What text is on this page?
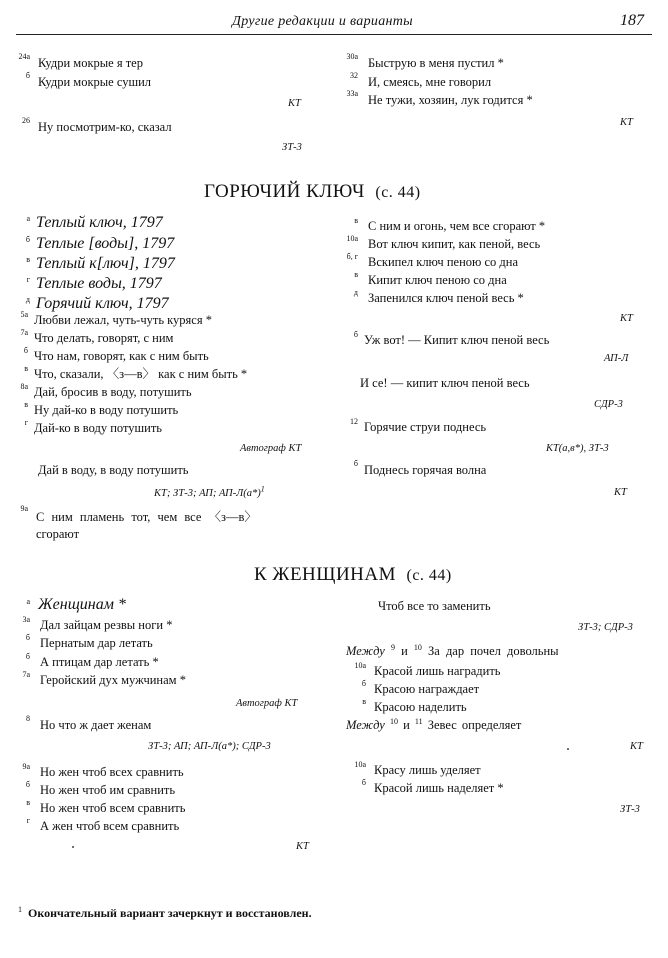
Другие редакции и варианты	187
24а Кудри мокрые я тер
б Кудри мокрые сушил
КТ
26 Ну посмотрим-ко, сказал
ЗТ-3
30а Быструю в меня пустил *
32 И, смеясь, мне говорил
33а Не тужи, хозяин, лук годится *
КТ
ГОРЮЧИЙ КЛЮЧ (с. 44)
а Теплый ключ, 1797
б Теплые [воды], 1797
в Теплый к[люч], 1797
г Теплые воды, 1797
д Горячий ключ, 1797
5а Любви лежал, чуть-чуть куряся *
7а Что делать, говорят, с ним
б Что нам, говорят, как с ним быть
в Что, сказали, 〈з—в〉 как с ним быть *
8а Дай, бросив в воду, потушить
в Ну дай-ко в воду потушить
г Дай-ко в воду потушить
Автограф КТ
Дай в воду, в воду потушить
КТ; ЗТ-3; АП; $АП-Л(а*)^1$
9а
С ним пламень тот, чем все 〈з—в〉
сгорают
в С ним и огонь, чем все сгорают *
10а Вот ключ кипит, как пеной, весь
б, г Вскипел ключ пеною со дна
в Кипит ключ пеною со дна
д Запенился ключ пеной весь *
КТ
б Уж вот! — Кипит ключ пеной весь
АП-Л
И се! — кипит ключ пеной весь
СДР-3
12 Горячие струи поднесь
КТ(а,в*), ЗТ-3
б Поднесь горячая волна
КТ
К ЖЕНЩИНАМ (с. 44)
а Женщинам *
3а Дал зайцам резвы ноги *
б Пернатым дар летать
б А птицам дар летать *
7а Геройский дух мужчинам *
Автограф КТ
8 Но что ж дает женам
ЗТ-3; АП; АП-Л(а*); СДР-3
9а Но жен чтоб всех сравнить
б Но жен чтоб им сравнить
в Но жен чтоб всем сравнить
г А жен чтоб всем сравнить
КТ
Чтоб все то заменить
ЗТ-3; СДР-3
Между $^9$ и $^{10}$ За дар почел довольны
10а Красой лишь наградить
б Красою награждает
в Красою наделить
Между $^{10}$ и $^{11}$ Зевес определяет
КТ
10а Красу лишь уделяет
б Красой лишь наделяет *
ЗТ-3
$^1$ Окончательный вариант зачеркнут и восстановлен.
